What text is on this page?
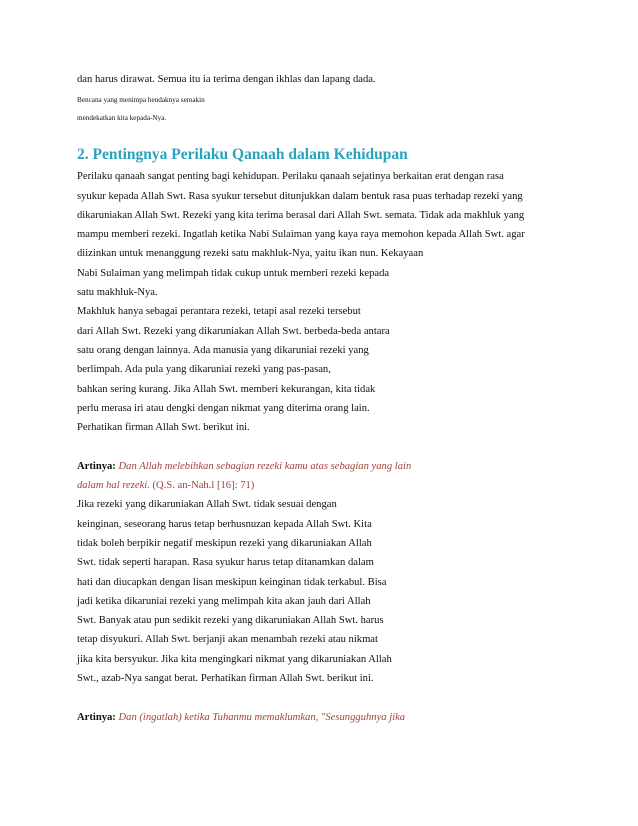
dan harus dirawat. Semua itu ia terima dengan ikhlas dan lapang dada.
Bencana yang menimpa hendaknya semakin
mendekatkan kita kepada-Nya.
2. Pentingnya Perilaku Qanaah dalam Kehidupan
Perilaku qanaah sangat penting bagi kehidupan. Perilaku qanaah sejatinya berkaitan erat dengan rasa
syukur kepada Allah Swt. Rasa syukur tersebut ditunjukkan dalam bentuk rasa puas terhadap rezeki yang
dikaruniakan Allah Swt. Rezeki yang kita terima berasal dari Allah Swt. semata. Tidak ada makhluk yang
mampu memberi rezeki. Ingatlah ketika Nabi Sulaiman yang kaya raya memohon kepada Allah Swt. agar
diizinkan untuk menanggung rezeki satu makhluk-Nya, yaitu ikan nun. Kekayaan
Nabi Sulaiman yang melimpah tidak cukup untuk memberi rezeki kepada
satu makhluk-Nya.
Makhluk hanya sebagai perantara rezeki, tetapi asal rezeki tersebut
dari Allah Swt. Rezeki yang dikaruniakan Allah Swt. berbeda-beda antara
satu orang dengan lainnya. Ada manusia yang dikaruniai rezeki yang
berlimpah. Ada pula yang dikaruniai rezeki yang pas-pasan,
bahkan sering kurang. Jika Allah Swt. memberi kekurangan, kita tidak
perlu merasa iri atau dengki dengan nikmat yang diterima orang lain.
Perhatikan firman Allah Swt. berikut ini.
Artinya: Dan Allah melebihkan sebagian rezeki kamu atas sebagian yang lain
dalam hal rezeki. (Q.S. an-Nah.l [16]: 71)
Jika rezeki yang dikaruniakan Allah Swt. tidak sesuai dengan
keinginan, seseorang harus tetap berhusnuzan kepada Allah Swt. Kita
tidak boleh berpikir negatif meskipun rezeki yang dikaruniakan Allah
Swt. tidak seperti harapan. Rasa syukur harus tetap ditanamkan dalam
hati dan diucapkan dengan lisan meskipun keinginan tidak terkabul. Bisa
jadi ketika dikaruniai rezeki yang melimpah kita akan jauh dari Allah
Swt. Banyak atau pun sedikit rezeki yang dikaruniakan Allah Swt. harus
tetap disyukuri. Allah Swt. berjanji akan menambah rezeki atau nikmat
jika kita bersyukur. Jika kita mengingkari nikmat yang dikaruniakan Allah
Swt., azab-Nya sangat berat. Perhatikan firman Allah Swt. berikut ini.
Artinya: Dan (ingatlah) ketika Tuhanmu memaklumkan, "Sesungguhnya jika
